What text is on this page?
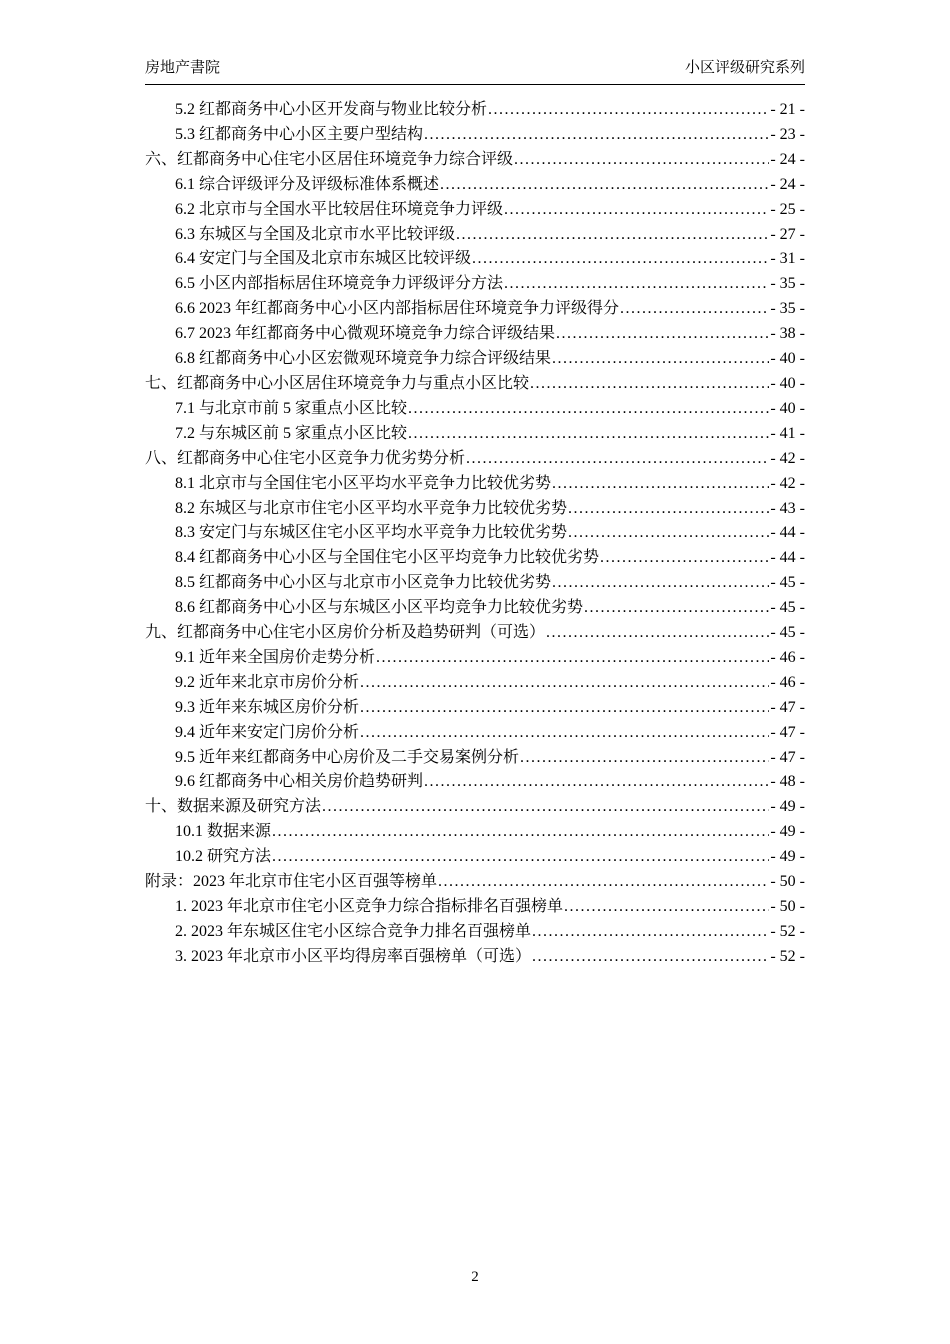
房地产書院	小区评级研究系列
5.2 红都商务中心小区开发商与物业比较分析 .....	- 21 -
5.3 红都商务中心小区主要户型结构 .....	- 23 -
六、红都商务中心住宅小区居住环境竞争力综合评级 .....	- 24 -
6.1 综合评级评分及评级标准体系概述 .....	- 24 -
6.2 北京市与全国水平比较居住环境竞争力评级 .....	- 25 -
6.3 东城区与全国及北京市水平比较评级 .....	- 27 -
6.4 安定门与全国及北京市东城区比较评级 .....	- 31 -
6.5 小区内部指标居住环境竞争力评级评分方法 .....	- 35 -
6.6 2023 年红都商务中心小区内部指标居住环境竞争力评级得分 .....	- 35 -
6.7 2023 年红都商务中心微观环境竞争力综合评级结果 .....	- 38 -
6.8 红都商务中心小区宏微观环境竞争力综合评级结果 .....	- 40 -
七、红都商务中心小区居住环境竞争力与重点小区比较 .....	- 40 -
7.1 与北京市前 5 家重点小区比较 .....	- 40 -
7.2 与东城区前 5 家重点小区比较 .....	- 41 -
八、红都商务中心住宅小区竞争力优劣势分析 .....	- 42 -
8.1 北京市与全国住宅小区平均水平竞争力比较优劣势 .....	- 42 -
8.2 东城区与北京市住宅小区平均水平竞争力比较优劣势 .....	- 43 -
8.3 安定门与东城区住宅小区平均水平竞争力比较优劣势 .....	- 44 -
8.4 红都商务中心小区与全国住宅小区平均竞争力比较优劣势 .....	- 44 -
8.5 红都商务中心小区与北京市小区竞争力比较优劣势 .....	- 45 -
8.6 红都商务中心小区与东城区小区平均竞争力比较优劣势 .....	- 45 -
九、红都商务中心住宅小区房价分析及趋势研判（可选） .....	- 45 -
9.1 近年来全国房价走势分析 .....	- 46 -
9.2 近年来北京市房价分析 .....	- 46 -
9.3 近年来东城区房价分析 .....	- 47 -
9.4 近年来安定门房价分析 .....	- 47 -
9.5 近年来红都商务中心房价及二手交易案例分析 .....	- 47 -
9.6 红都商务中心相关房价趋势研判 .....	- 48 -
十、数据来源及研究方法 .....	- 49 -
10.1 数据来源 .....	- 49 -
10.2 研究方法 .....	- 49 -
附录：2023 年北京市住宅小区百强等榜单 .....	- 50 -
1. 2023 年北京市住宅小区竞争力综合指标排名百强榜单 .....	- 50 -
2. 2023 年东城区住宅小区综合竞争力排名百强榜单 .....	- 52 -
3. 2023 年北京市小区平均得房率百强榜单（可选） .....	- 52 -
2
